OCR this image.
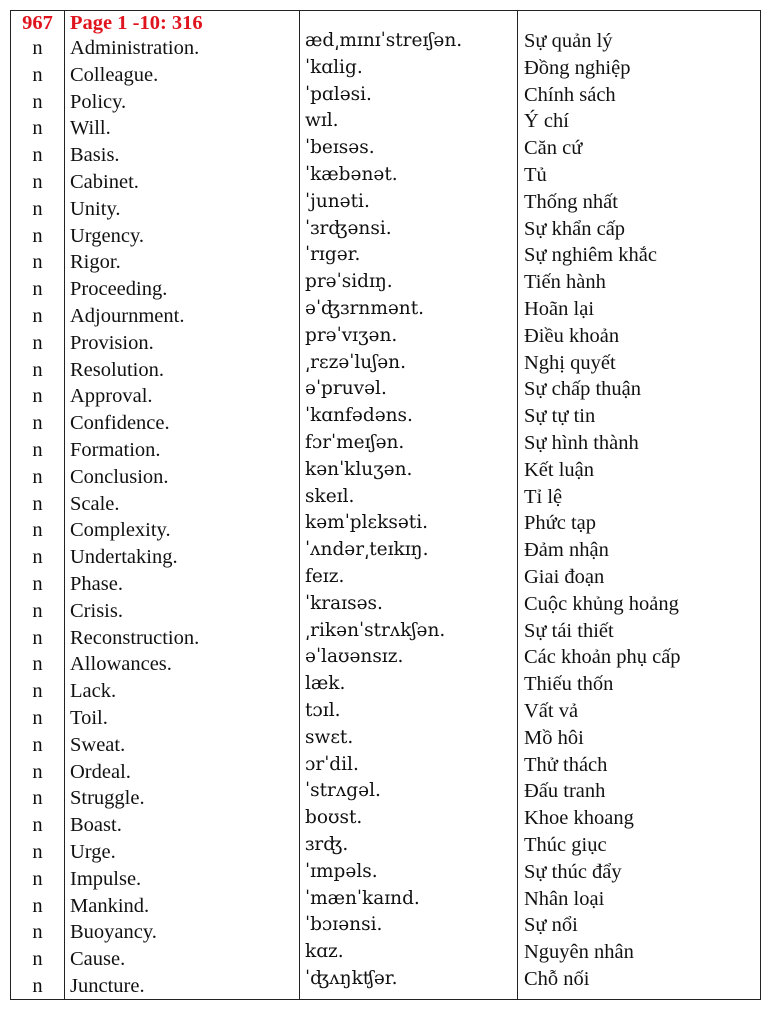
967
n
n
n
n
n
n
n
n
n
n
n
n
n
n
n
n
n
n
n
n
n
n
n
n
n
n
n
n
n
n
n
n
n
n
n
n
Page 1 -10: 316
Administration.
Colleague.
Policy.
Will.
Basis.
Cabinet.
Unity.
Urgency.
Rigor.
Proceeding.
Adjournment.
Provision.
Resolution.
Approval.
Confidence.
Formation.
Conclusion.
Scale.
Complexity.
Undertaking.
Phase.
Crisis.
Reconstruction.
Allowances.
Lack.
Toil.
Sweat.
Ordeal.
Struggle.
Boast.
Urge.
Impulse.
Mankind.
Buoyancy.
Cause.
Juncture.
æd͵mɪnɪˈstreɪʃən.
ˈkɑlig.
ˈpɑləsi.
wɪl.
ˈbeɪsəs.
ˈkæbənət.
ˈjunəti.
ˈɜrʤənsi.
ˈrɪgər.
prəˈsidɪŋ.
əˈʤɜrnmənt.
prəˈvɪʒən.
͵rɛzəˈluʃən.
əˈpruvəl.
ˈkɑnfədəns.
fɔrˈmeɪʃən.
kənˈkluʒən.
skeɪl.
kəmˈplɛksəti.
ˈʌndər͵teɪkɪŋ.
feɪz.
ˈkraɪsəs.
͵rikənˈstrʌkʃən.
əˈlaʊənsɪz.
læk.
tɔɪl.
swɛt.
ɔrˈdil.
ˈstrʌgəl.
boʊst.
ɜrʤ.
ˈɪmpəls.
ˈmænˈkaɪnd.
ˈbɔɪənsi.
kɑz.
ˈʤʌŋkʧər.
Sự quản lý
Đồng nghiệp
Chính sách
Ý chí
Căn cứ
Tủ
Thống nhất
Sự khẩn cấp
Sự nghiêm khắc
Tiến hành
Hoãn lại
Điều khoản
Nghị quyết
Sự chấp thuận
Sự tự tin
Sự hình thành
Kết luận
Tỉ lệ
Phức tạp
Đảm nhận
Giai đoạn
Cuộc khủng hoảng
Sự tái thiết
Các khoản phụ cấp
Thiếu thốn
Vất vả
Mồ hôi
Thử thách
Đấu tranh
Khoe khoang
Thúc giục
Sự thúc đẩy
Nhân loại
Sự nổi
Nguyên nhân
Chỗ nối
